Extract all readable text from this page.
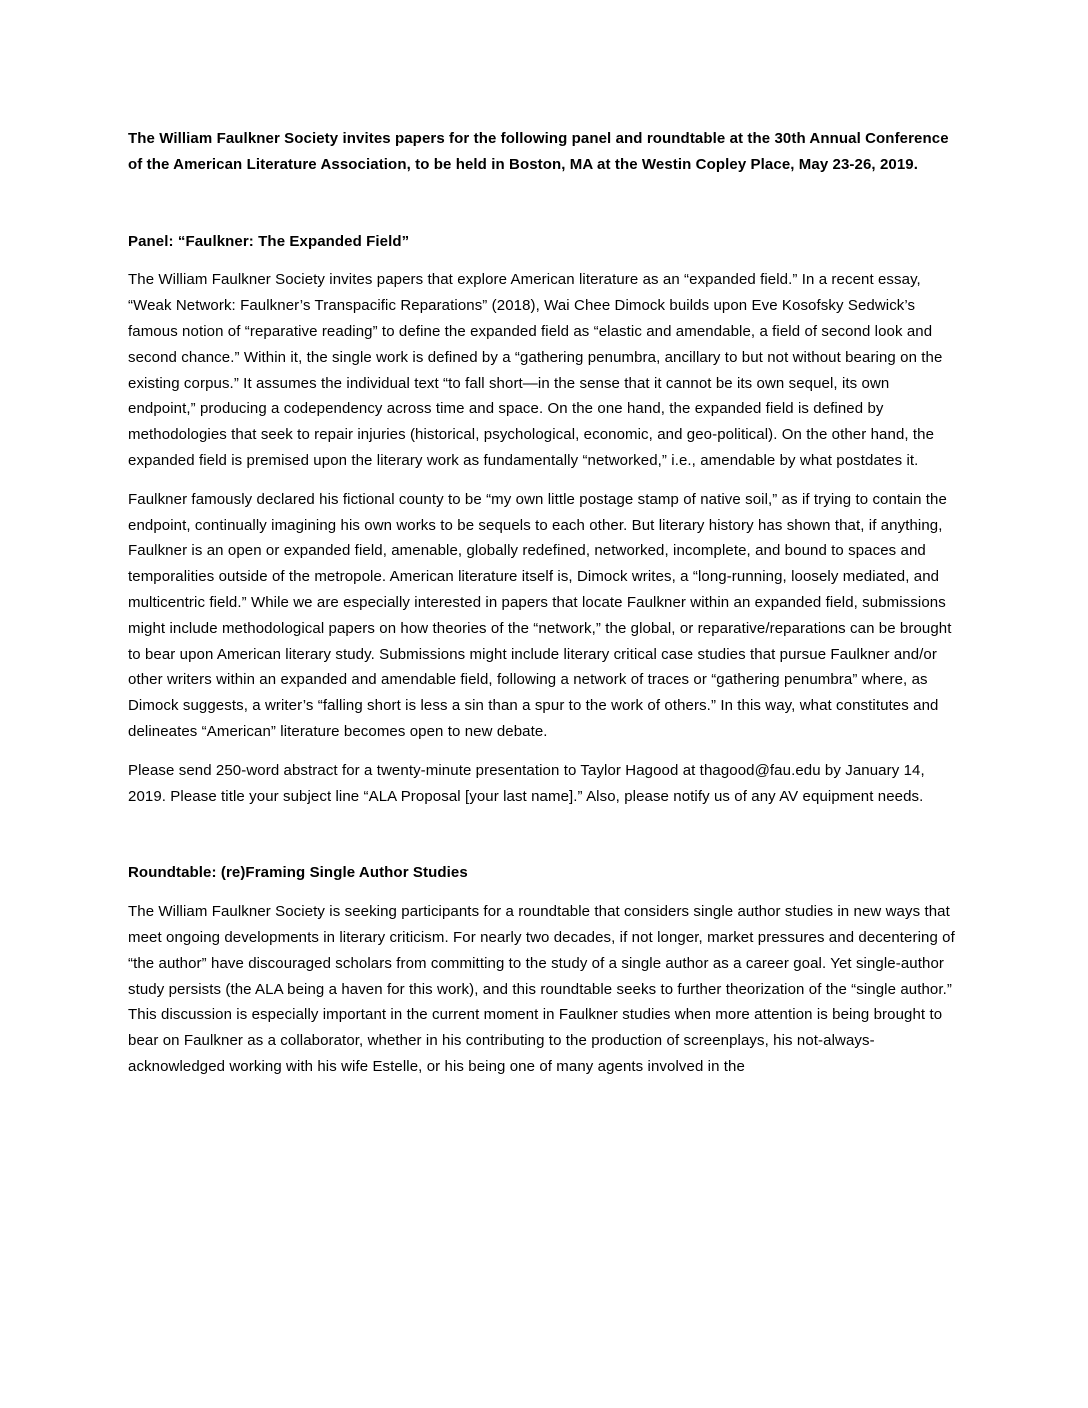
The William Faulkner Society invites papers for the following panel and roundtable at the 30th Annual Conference of the American Literature Association, to be held in Boston, MA at the Westin Copley Place, May 23-26, 2019.

Panel: “Faulkner: The Expanded Field”

The William Faulkner Society invites papers that explore American literature as an “expanded field.” In a recent essay, “Weak Network: Faulkner’s Transpacific Reparations” (2018), Wai Chee Dimock builds upon Eve Kosofsky Sedwick’s famous notion of “reparative reading” to define the expanded field as “elastic and amendable, a field of second look and second chance.” Within it, the single work is defined by a “gathering penumbra, ancillary to but not without bearing on the existing corpus.” It assumes the individual text “to fall short—in the sense that it cannot be its own sequel, its own endpoint,” producing a codependency across time and space. On the one hand, the expanded field is defined by methodologies that seek to repair injuries (historical, psychological, economic, and geo-political). On the other hand, the expanded field is premised upon the literary work as fundamentally “networked,” i.e., amendable by what postdates it.

Faulkner famously declared his fictional county to be “my own little postage stamp of native soil,” as if trying to contain the endpoint, continually imagining his own works to be sequels to each other. But literary history has shown that, if anything, Faulkner is an open or expanded field, amenable, globally redefined, networked, incomplete, and bound to spaces and temporalities outside of the metropole. American literature itself is, Dimock writes, a “long-running, loosely mediated, and multicentric field.” While we are especially interested in papers that locate Faulkner within an expanded field, submissions might include methodological papers on how theories of the “network,” the global, or reparative/reparations can be brought to bear upon American literary study. Submissions might include literary critical case studies that pursue Faulkner and/or other writers within an expanded and amendable field, following a network of traces or “gathering penumbra” where, as Dimock suggests, a writer’s “falling short is less a sin than a spur to the work of others.” In this way, what constitutes and delineates “American” literature becomes open to new debate.

Please send 250-word abstract for a twenty-minute presentation to Taylor Hagood at thagood@fau.edu by January 14, 2019. Please title your subject line “ALA Proposal [your last name].” Also, please notify us of any AV equipment needs.

Roundtable: (re)Framing Single Author Studies

The William Faulkner Society is seeking participants for a roundtable that considers single author studies in new ways that meet ongoing developments in literary criticism. For nearly two decades, if not longer, market pressures and decentering of “the author” have discouraged scholars from committing to the study of a single author as a career goal. Yet single-author study persists (the ALA being a haven for this work), and this roundtable seeks to further theorization of the “single author.” This discussion is especially important in the current moment in Faulkner studies when more attention is being brought to bear on Faulkner as a collaborator, whether in his contributing to the production of screenplays, his not-always-acknowledged working with his wife Estelle, or his being one of many agents involved in the
